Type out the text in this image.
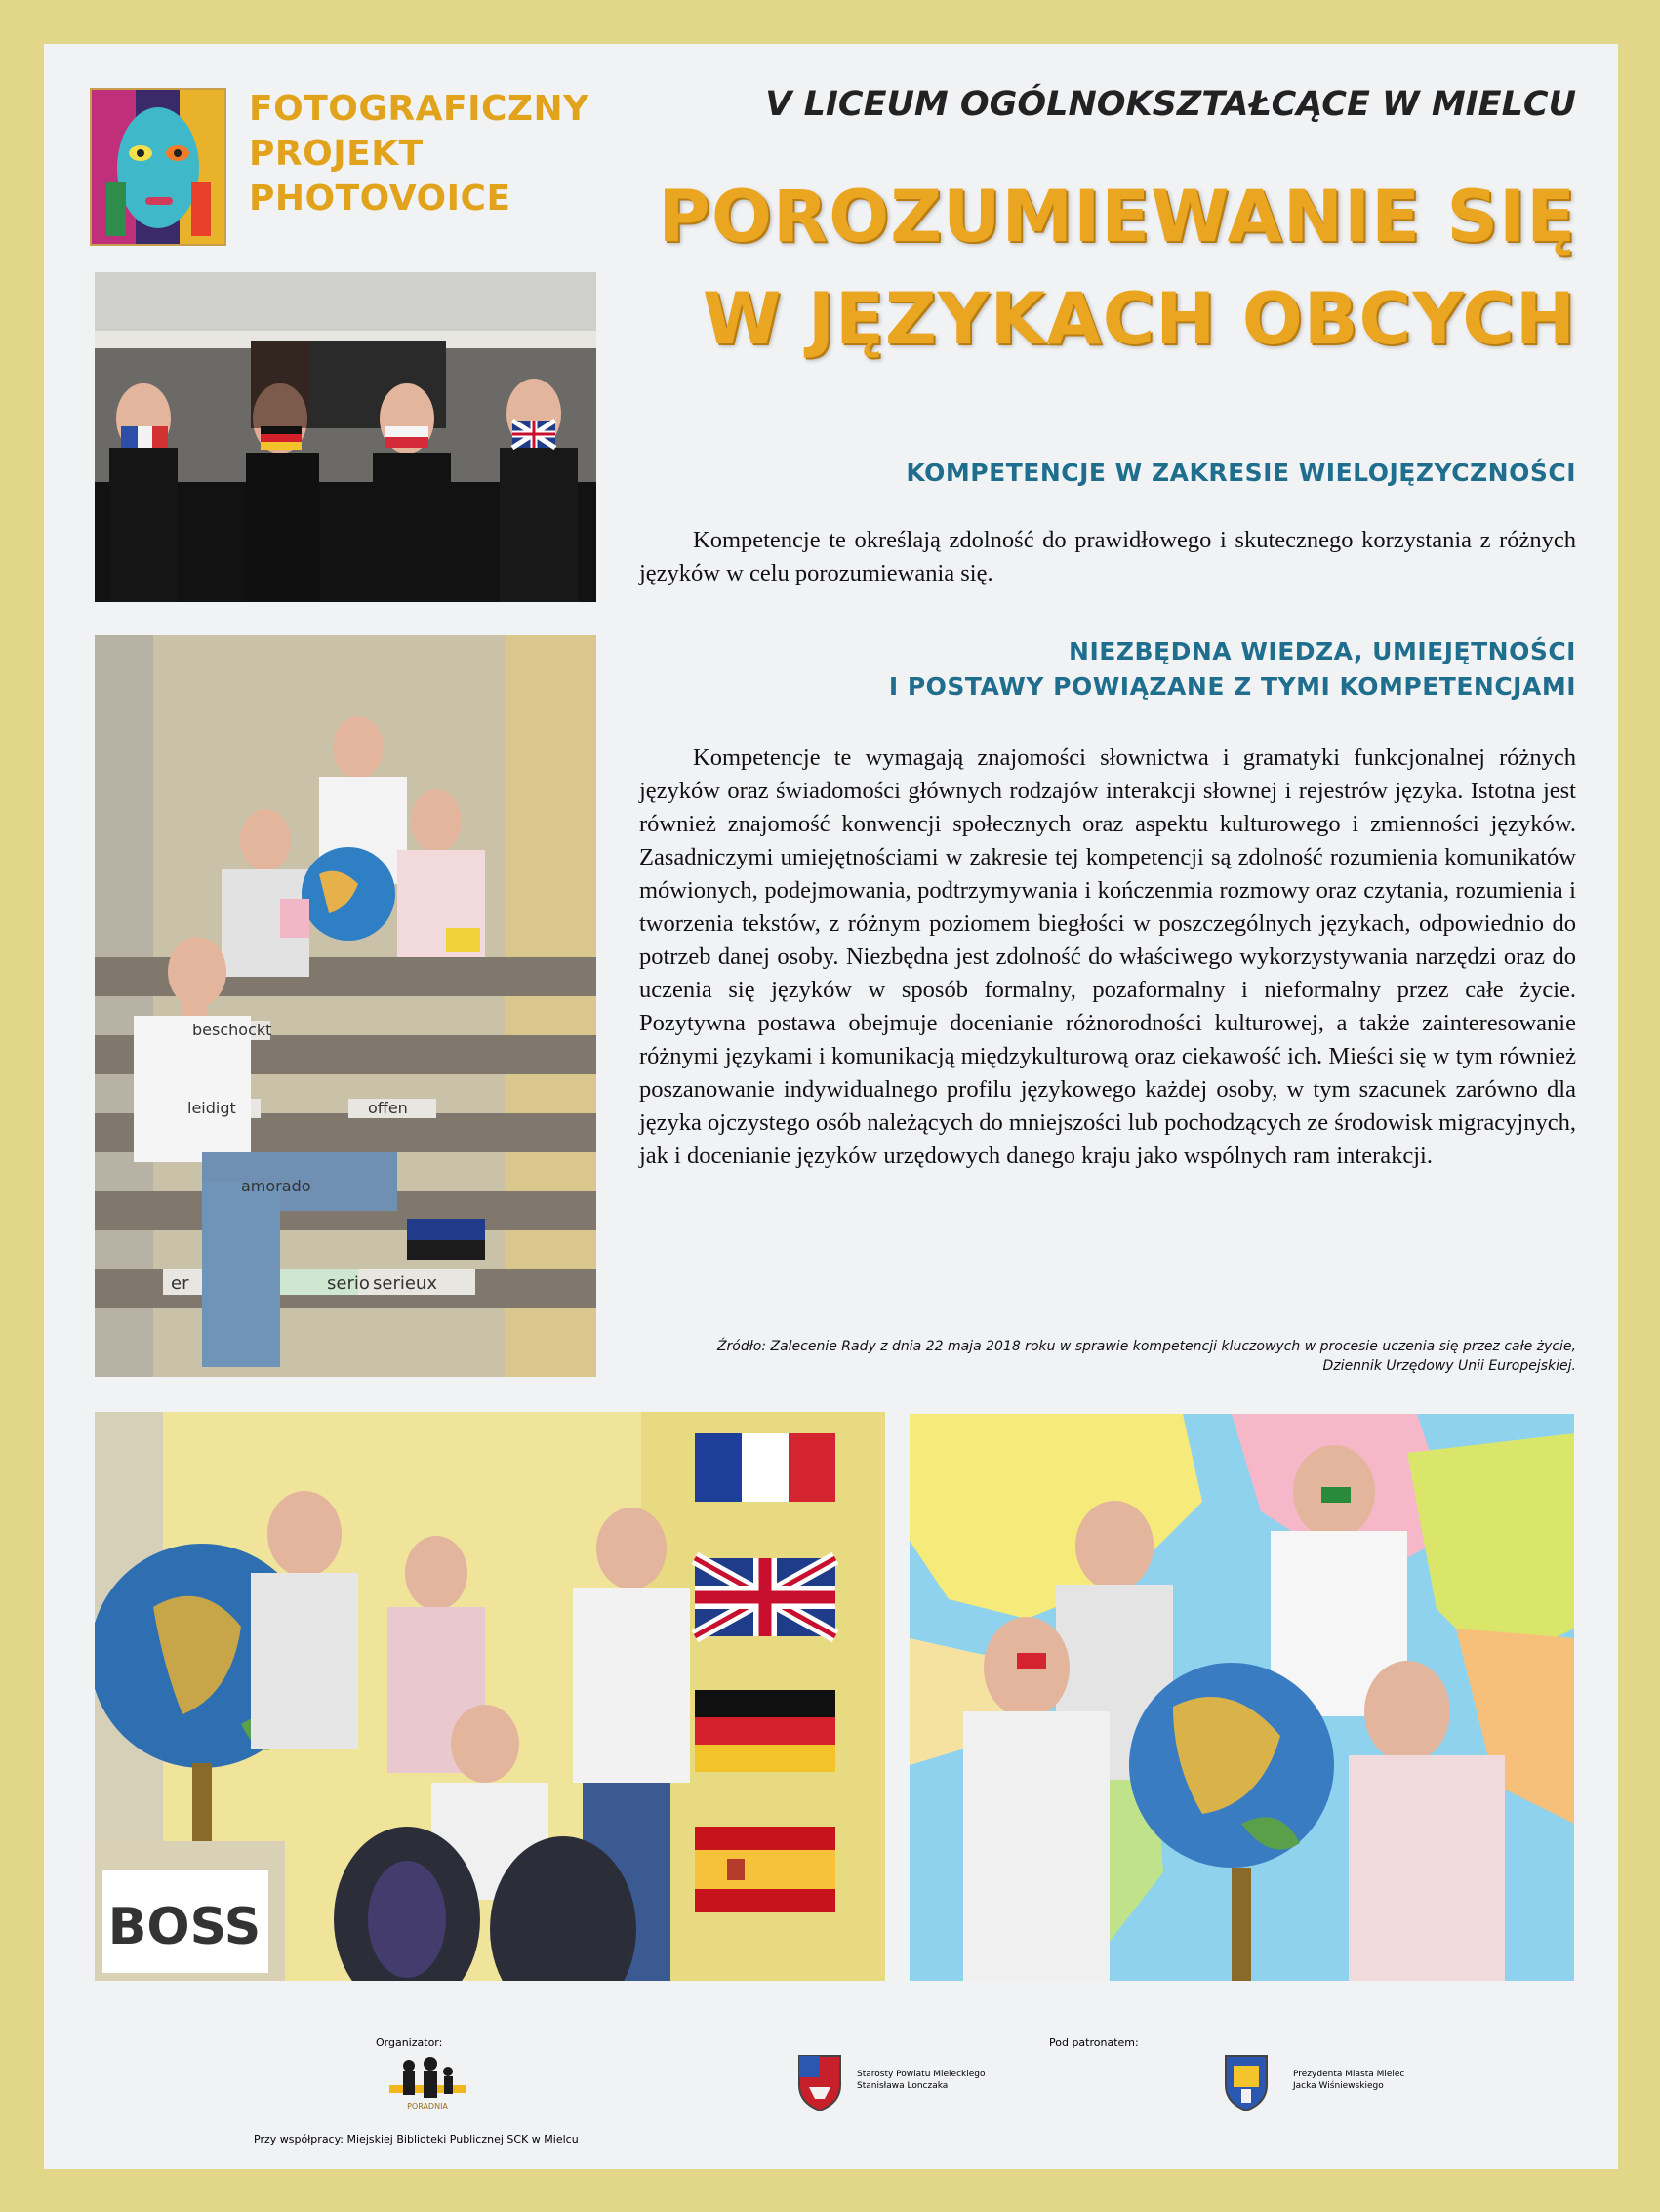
FOTOGRAFICZNY
PROJEKT
PHOTOVOICE
V LICEUM OGÓLNOKSZTAŁCĄCE W MIELCU
POROZUMIEWANIE SIĘ
W JĘZYKACH OBCYCH
KOMPETENCJE W ZAKRESIE WIELOJĘZYCZNOŚCI

Kompetencje te określają zdolność do prawidłowego i skutecznego korzystania z różnych języków w celu porozumiewania się.

beschockt
leidigt	offen
amorado
serio serieux
er
NIEZBĘDNA WIEDZA, UMIEJĘTNOŚCI
I POSTAWY POWIĄZANE Z TYMI KOMPETENCJAMI

Kompetencje te wymagają znajomości słownictwa i gramatyki funkcjonalnej różnych języków oraz świadomości głównych rodzajów interakcji słownej i rejestrów języka. Istotna jest również znajomość konwencji społecznych oraz aspektu kulturowego i zmienności języków. Zasadniczymi umiejętnościami w zakresie tej kompetencji są zdolność rozumienia komunikatów mówionych, podejmowania, podtrzymywania i kończenmia rozmowy oraz czytania, rozumienia i tworzenia tekstów, z różnym poziomem biegłości w poszczególnych językach, odpowiednio do potrzeb danej osoby. Niezbędna jest zdolność do właściwego wykorzystywania narzędzi oraz do uczenia się języków w sposób formalny, pozaformalny i nieformalny przez całe życie. Pozytywna postawa obejmuje docenianie różnorodności kulturowej, a także zainteresowanie różnymi językami i komunikacją międzykulturową oraz ciekawość ich. Mieści się w tym również poszanowanie indywidualnego profilu językowego każdej osoby, w tym szacunek zarówno dla języka ojczystego osób należących do mniejszości lub pochodzących ze środowisk migracyjnych, jak i docenianie języków urzędowych danego kraju jako wspólnych ram interakcji.

Źródło: Zalecenie Rady z dnia 22 maja 2018 roku w sprawie kompetencji kluczowych w procesie uczenia się przez całe życie,
Dziennik Urzędowy Unii Europejskiej.
BOSS
Organizator:
PORADNIA
Przy współpracy: Miejskiej Biblioteki Publicznej SCK w Mielcu
Pod patronatem:
Starosty Powiatu Mieleckiego
Stanisława Lonczaka
Prezydenta Miasta Mielec
Jacka Wiśniewskiego
